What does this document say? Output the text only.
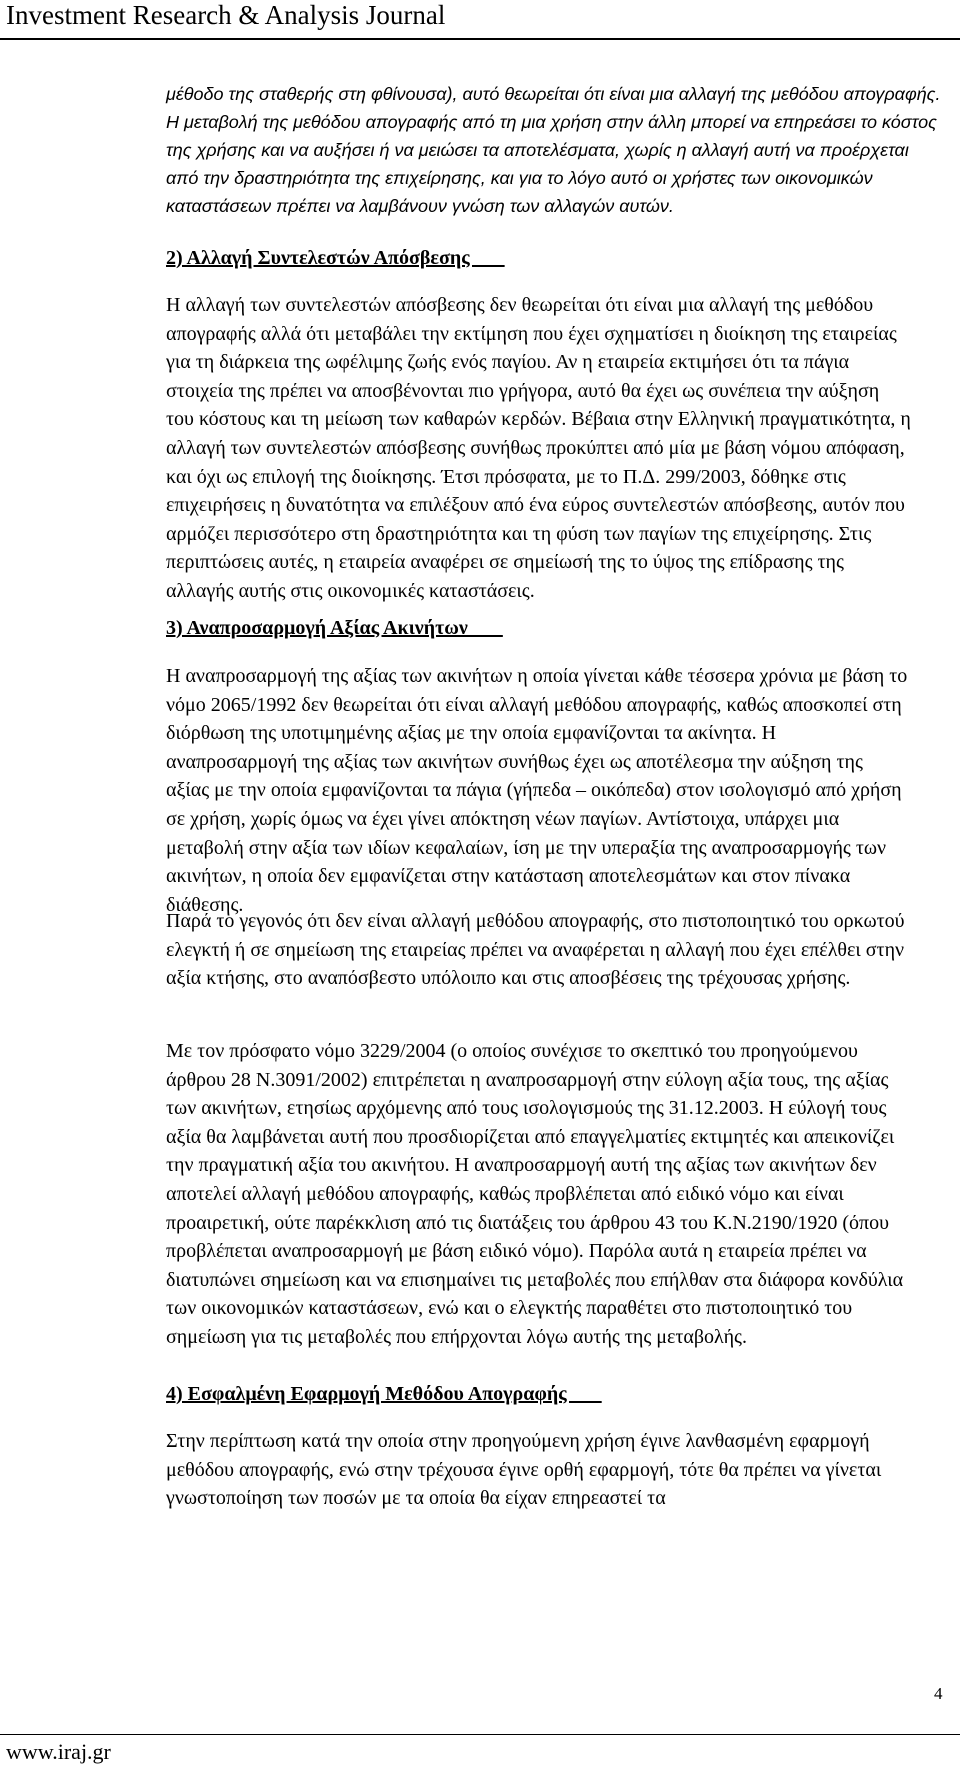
Investment Research & Analysis Journal

μέθοδο της σταθερής στη φθίνουσα), αυτό θεωρείται ότι είναι μια αλλαγή της μεθόδου απογραφής. Η μεταβολή της μεθόδου απογραφής από τη μια χρήση στην άλλη μπορεί να επηρεάσει το κόστος της χρήσης και να αυξήσει ή να μειώσει τα αποτελέσματα, χωρίς η αλλαγή αυτή να προέρχεται από την δραστηριότητα της επιχείρησης, και για το λόγο αυτό οι χρήστες των οικονομικών καταστάσεων πρέπει να λαμβάνουν γνώση των αλλαγών αυτών.

2) Αλλαγή Συντελεστών Απόσβεσης

Η αλλαγή των συντελεστών απόσβεσης δεν θεωρείται ότι είναι μια αλλαγή της μεθόδου απογραφής αλλά ότι μεταβάλει την εκτίμηση που έχει σχηματίσει η διοίκηση της εταιρείας για τη διάρκεια της ωφέλιμης ζωής ενός παγίου. Αν η εταιρεία εκτιμήσει ότι τα πάγια στοιχεία της πρέπει να αποσβένονται πιο γρήγορα, αυτό θα έχει ως συνέπεια την αύξηση του κόστους και τη μείωση των καθαρών κερδών. Βέβαια στην Ελληνική πραγματικότητα, η αλλαγή των συντελεστών απόσβεσης συνήθως προκύπτει από μία με βάση νόμου απόφαση, και όχι ως επιλογή της διοίκησης. Έτσι πρόσφατα, με το Π.Δ. 299/2003, δόθηκε στις επιχειρήσεις η δυνατότητα να επιλέξουν από ένα εύρος συντελεστών απόσβεσης, αυτόν που αρμόζει περισσότερο στη δραστηριότητα και τη φύση των παγίων της επιχείρησης. Στις περιπτώσεις αυτές, η εταιρεία αναφέρει σε σημείωσή της το ύψος της επίδρασης της αλλαγής αυτής στις οικονομικές καταστάσεις.

3) Αναπροσαρμογή Αξίας Ακινήτων

Η αναπροσαρμογή της αξίας των ακινήτων η οποία γίνεται κάθε τέσσερα χρόνια με βάση το νόμο 2065/1992 δεν θεωρείται ότι είναι αλλαγή μεθόδου απογραφής, καθώς αποσκοπεί στη διόρθωση της υποτιμημένης αξίας με την οποία εμφανίζονται τα ακίνητα. Η αναπροσαρμογή της αξίας των ακινήτων συνήθως έχει ως αποτέλεσμα την αύξηση της αξίας με την οποία εμφανίζονται τα πάγια (γήπεδα – οικόπεδα) στον ισολογισμό από χρήση σε χρήση, χωρίς όμως να έχει γίνει απόκτηση νέων παγίων. Αντίστοιχα, υπάρχει μια μεταβολή στην αξία των ιδίων κεφαλαίων, ίση με την υπεραξία της αναπροσαρμογής των ακινήτων, η οποία δεν εμφανίζεται στην κατάσταση αποτελεσμάτων και στον πίνακα διάθεσης.

Παρά το γεγονός ότι δεν είναι αλλαγή μεθόδου απογραφής, στο πιστοποιητικό του ορκωτού ελεγκτή ή σε σημείωση της εταιρείας πρέπει να αναφέρεται η αλλαγή που έχει επέλθει στην αξία κτήσης, στο αναπόσβεστο υπόλοιπο και στις αποσβέσεις της τρέχουσας χρήσης.

Με τον πρόσφατο νόμο 3229/2004 (ο οποίος συνέχισε το σκεπτικό του προηγούμενου άρθρου 28 Ν.3091/2002) επιτρέπεται η αναπροσαρμογή στην εύλογη αξία τους, της αξίας των ακινήτων, ετησίως αρχόμενης από τους ισολογισμούς της 31.12.2003. Η εύλογή τους αξία θα λαμβάνεται αυτή που προσδιορίζεται από επαγγελματίες εκτιμητές και απεικονίζει την πραγματική αξία του ακινήτου. Η αναπροσαρμογή αυτή της αξίας των ακινήτων δεν αποτελεί αλλαγή μεθόδου απογραφής, καθώς προβλέπεται από ειδικό νόμο και είναι προαιρετική, ούτε παρέκκλιση από τις διατάξεις του άρθρου 43 του Κ.Ν.2190/1920 (όπου προβλέπεται αναπροσαρμογή με βάση ειδικό νόμο). Παρόλα αυτά η εταιρεία πρέπει να διατυπώνει σημείωση και να επισημαίνει τις μεταβολές που επήλθαν στα διάφορα κονδύλια των οικονομικών καταστάσεων, ενώ και ο ελεγκτής παραθέτει στο πιστοποιητικό του σημείωση για τις μεταβολές που επήρχονται λόγω αυτής της μεταβολής.

4) Εσφαλμένη Εφαρμογή Μεθόδου Απογραφής

Στην περίπτωση κατά την οποία στην προηγούμενη χρήση έγινε λανθασμένη εφαρμογή μεθόδου απογραφής, ενώ στην τρέχουσα έγινε ορθή εφαρμογή, τότε θα πρέπει να γίνεται γνωστοποίηση των ποσών με τα οποία θα είχαν επηρεαστεί τα

4
www.iraj.gr
